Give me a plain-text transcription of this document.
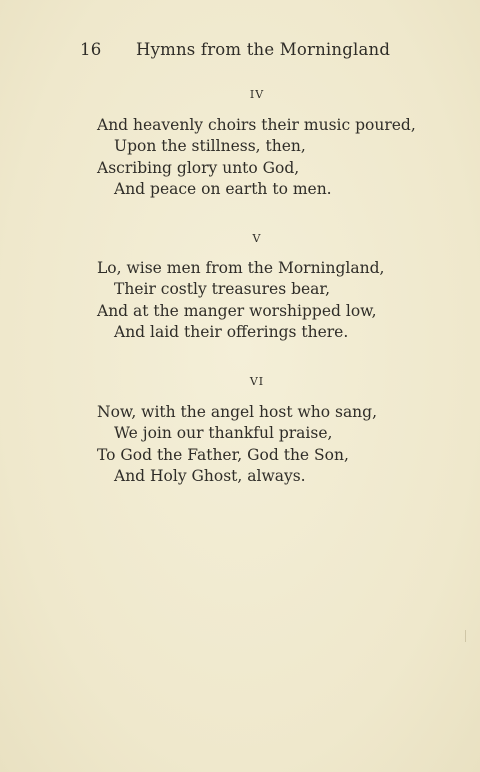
16 Hymns from the Morningland
IV
And heavenly choirs their music poured,
Upon the stillness, then,
Ascribing glory unto God,
And peace on earth to men.
V
Lo, wise men from the Morningland,
Their costly treasures bear,
And at the manger worshipped low,
And laid their offerings there.
VI
Now, with the angel host who sang,
We join our thankful praise,
To God the Father, God the Son,
And Holy Ghost, always.
